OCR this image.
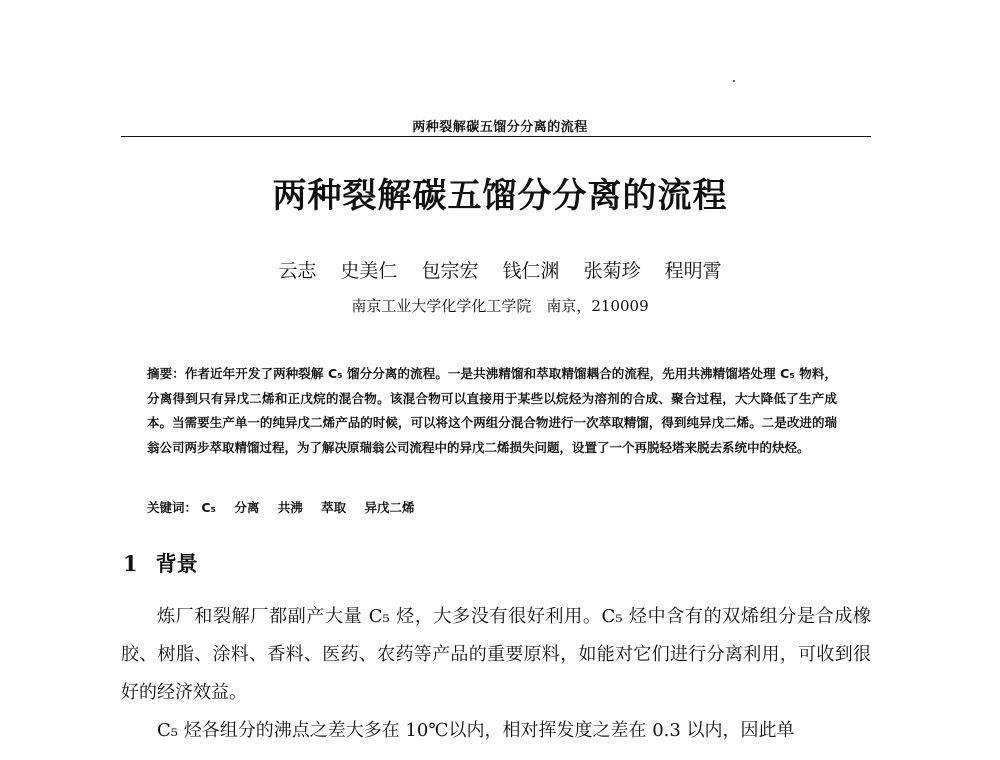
两种裂解碳五馏分分离的流程
两种裂解碳五馏分分离的流程
云志 史美仁 包宗宏 钱仁渊 张菊珍 程明霄
南京工业大学化学化工学院　南京，210009
摘要：作者近年开发了两种裂解 C₅ 馏分分离的流程。一是共沸精馏和萃取精馏耦合的流程，先用共沸精馏塔处理 C₅ 物料，分离得到只有异戊二烯和正戊烷的混合物。该混合物可以直接用于某些以烷烃为溶剂的合成、聚合过程，大大降低了生产成本。当需要生产单一的纯异戊二烯产品的时候，可以将这个两组分混合物进行一次萃取精馏，得到纯异戊二烯。二是改进的瑞翁公司两步萃取精馏过程，为了解决原瑞翁公司流程中的异戊二烯损失问题，设置了一个再脱轻塔来脱去系统中的炔烃。
关键词： C₅ 分离 共沸 萃取 异戊二烯
1 背景

炼厂和裂解厂都副产大量 C₅ 烃，大多没有很好利用。C₅ 烃中含有的双烯组分是合成橡胶、树脂、涂料、香料、医药、农药等产品的重要原料，如能对它们进行分离利用，可收到很好的经济效益。

C₅ 烃各组分的沸点之差大多在 10℃以内，相对挥发度之差在 0.3 以内，因此单
